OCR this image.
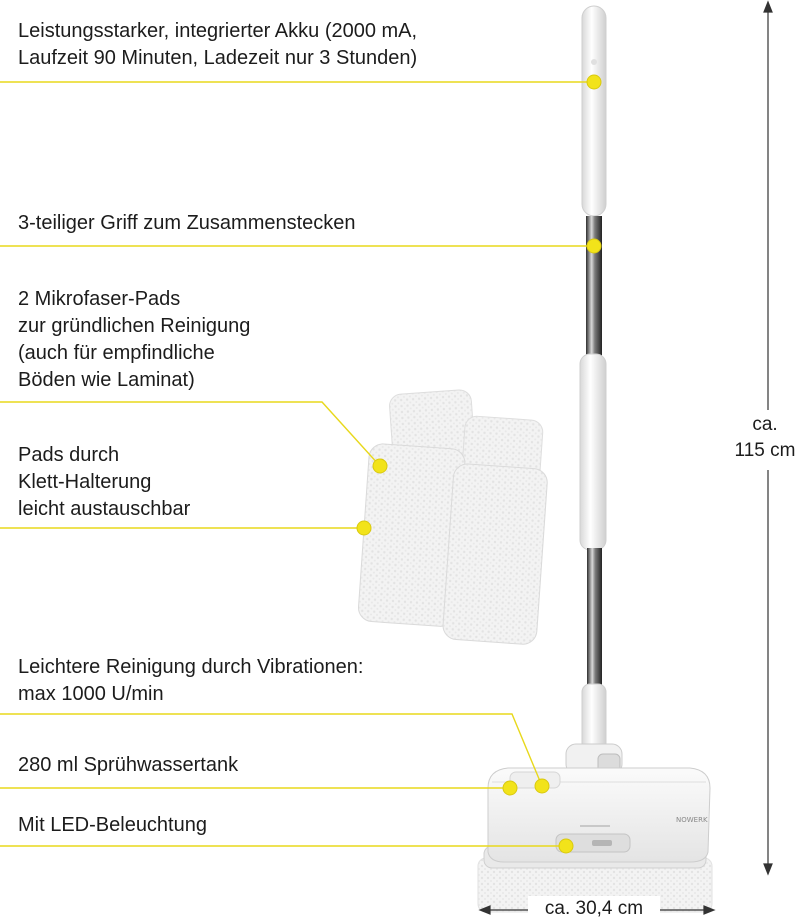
NOWERK
Leistungsstarker, integrierter Akku (2000 mA,
Laufzeit 90 Minuten, Ladezeit nur 3 Stunden)
3-teiliger Griff zum Zusammenstecken
2 Mikrofaser-Pads
zur gründlichen Reinigung
(auch für empfindliche
Böden wie Laminat)
Pads durch
Klett-Halterung
leicht austauschbar
Leichtere Reinigung durch Vibrationen:
max 1000 U/min
280 ml Sprühwassertank
Mit LED-Beleuchtung
ca.
115 cm
ca. 30,4 cm
